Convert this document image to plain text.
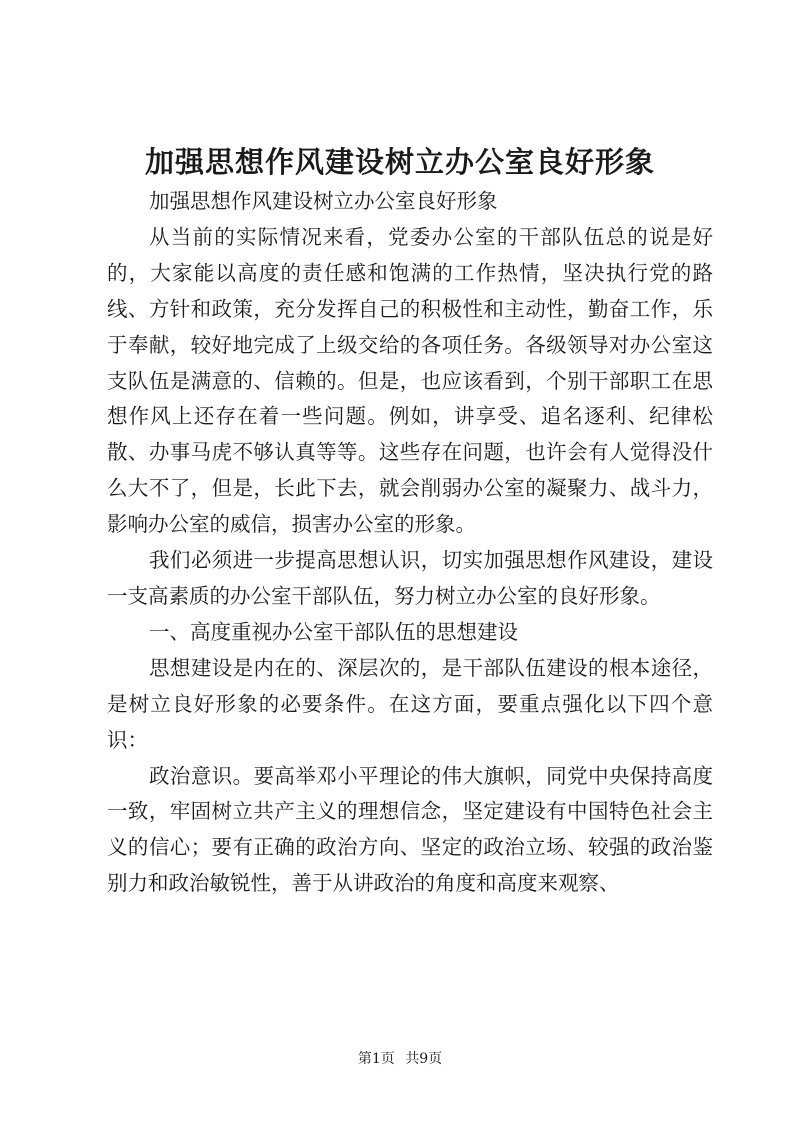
加强思想作风建设树立办公室良好形象

加强思想作风建设树立办公室良好形象

从当前的实际情况来看，党委办公室的干部队伍总的说是好的，大家能以高度的责任感和饱满的工作热情，坚决执行党的路线、方针和政策，充分发挥自己的积极性和主动性，勤奋工作，乐于奉献，较好地完成了上级交给的各项任务。各级领导对办公室这支队伍是满意的、信赖的。但是，也应该看到，个别干部职工在思想作风上还存在着一些问题。例如，讲享受、追名逐利、纪律松散、办事马虎不够认真等等。这些存在问题，也许会有人觉得没什么大不了，但是，长此下去，就会削弱办公室的凝聚力、战斗力，影响办公室的威信，损害办公室的形象。

我们必须进一步提高思想认识，切实加强思想作风建设，建设一支高素质的办公室干部队伍，努力树立办公室的良好形象。

一、高度重视办公室干部队伍的思想建设

思想建设是内在的、深层次的，是干部队伍建设的根本途径，是树立良好形象的必要条件。在这方面，要重点强化以下四个意识：

政治意识。要高举邓小平理论的伟大旗帜，同党中央保持高度一致，牢固树立共产主义的理想信念，坚定建设有中国特色社会主义的信心；要有正确的政治方向、坚定的政治立场、较强的政治鉴别力和政治敏锐性，善于从讲政治的角度和高度来观察、

第1页 共9页
